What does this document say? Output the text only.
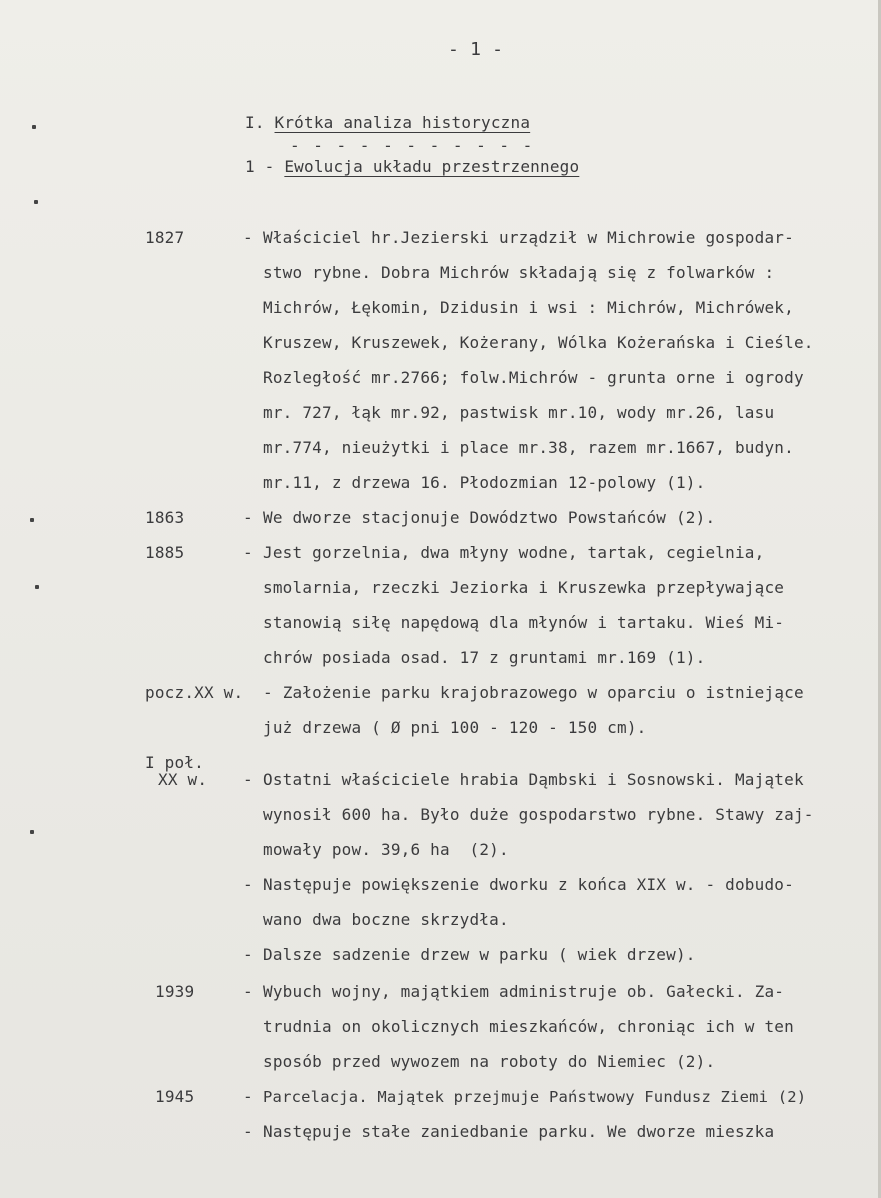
- 1 -
I. Krótka analiza historyczna
- - - - - - - - - - -
1 - Ewolucja układu przestrzennego
1827	- Właściciel hr.Jezierski urządził w Michrowie gospodar-
stwo rybne. Dobra Michrów składają się z folwarków :
Michrów, Łękomin, Dzidusin i wsi : Michrów, Michrówek,
Kruszew, Kruszewek, Kożerany, Wólka Kożerańska i Cieśle.
Rozległość mr.2766; folw.Michrów - grunta orne i ogrody
mr. 727, łąk mr.92, pastwisk mr.10, wody mr.26, lasu
mr.774, nieużytki i place mr.38, razem mr.1667, budyn.
mr.11, z drzewa 16. Płodozmian 12-polowy (1).
1863	- We dworze stacjonuje Dowództwo Powstańców (2).
1885	- Jest gorzelnia, dwa młyny wodne, tartak, cegielnia,
smolarnia, rzeczki Jeziorka i Kruszewka przepływające
stanowią siłę napędową dla młynów i tartaku. Wieś Mi-
chrów posiada osad. 17 z gruntami mr.169 (1).
pocz.XX w. - Założenie parku krajobrazowego w oparciu o istniejące
już drzewa ( Ø pni 100 - 120 - 150 cm).
I poł.
XX w. - Ostatni właściciele hrabia Dąmbski i Sosnowski. Majątek
wynosił 600 ha. Było duże gospodarstwo rybne. Stawy zaj-
mowały pow. 39,6 ha  (2).
- Następuje powiększenie dworku z końca XIX w. - dobudo-
wano dwa boczne skrzydła.
- Dalsze sadzenie drzew w parku ( wiek drzew).
1939	- Wybuch wojny, majątkiem administruje ob. Gałecki. Za-
trudnia on okolicznych mieszkańców, chroniąc ich w ten
sposób przed wywozem na roboty do Niemiec (2).
1945	- Parcelacja. Majątek przejmuje Państwowy Fundusz Ziemi (2)
- Następuje stałe zaniedbanie parku. We dworze mieszka
